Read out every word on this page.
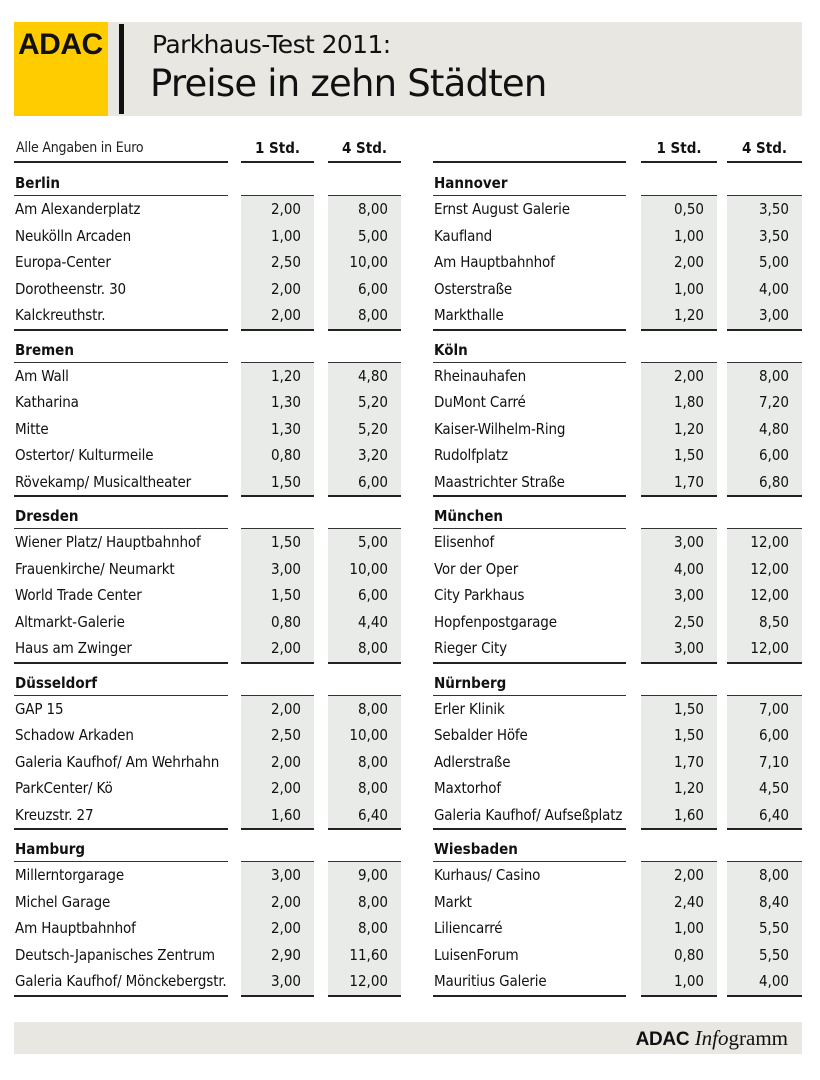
ADAC Parkhaus-Test 2011:
Preise in zehn Städten
Alle Angaben in Euro	1 Std.	4 Std.
Berlin
Am Alexanderplatz	2,00	8,00
Neukölln Arcaden	1,00	5,00
Europa-Center	2,50	10,00
Dorotheenstr. 30	2,00	6,00
Kalckreuthstr.	2,00	8,00
Bremen
Am Wall	1,20	4,80
Katharina	1,30	5,20
Mitte	1,30	5,20
Ostertor/ Kulturmeile	0,80	3,20
Rövekamp/ Musicaltheater	1,50	6,00
Dresden
Wiener Platz/ Hauptbahnhof	1,50	5,00
Frauenkirche/ Neumarkt	3,00	10,00
World Trade Center	1,50	6,00
Altmarkt-Galerie	0,80	4,40
Haus am Zwinger	2,00	8,00
Düsseldorf
GAP 15	2,00	8,00
Schadow Arkaden	2,50	10,00
Galeria Kaufhof/ Am Wehrhahn	2,00	8,00
ParkCenter/ Kö	2,00	8,00
Kreuzstr. 27	1,60	6,40
Hamburg
Millerntorgarage	3,00	9,00
Michel Garage	2,00	8,00
Am Hauptbahnhof	2,00	8,00
Deutsch-Japanisches Zentrum	2,90	11,60
Galeria Kaufhof/ Mönckebergstr.	3,00	12,00
1 Std.	4 Std.
Hannover
Ernst August Galerie	0,50	3,50
Kaufland	1,00	3,50
Am Hauptbahnhof	2,00	5,00
Osterstraße	1,00	4,00
Markthalle	1,20	3,00
Köln
Rheinauhafen	2,00	8,00
DuMont Carré	1,80	7,20
Kaiser-Wilhelm-Ring	1,20	4,80
Rudolfplatz	1,50	6,00
Maastrichter Straße	1,70	6,80
München
Elisenhof	3,00	12,00
Vor der Oper	4,00	12,00
City Parkhaus	3,00	12,00
Hopfenpostgarage	2,50	8,50
Rieger City	3,00	12,00
Nürnberg
Erler Klinik	1,50	7,00
Sebalder Höfe	1,50	6,00
Adlerstraße	1,70	7,10
Maxtorhof	1,20	4,50
Galeria Kaufhof/ Aufseßplatz	1,60	6,40
Wiesbaden
Kurhaus/ Casino	2,00	8,00
Markt	2,40	8,40
Liliencarré	1,00	5,50
LuisenForum	0,80	5,50
Mauritius Galerie	1,00	4,00
ADAC Infogramm
